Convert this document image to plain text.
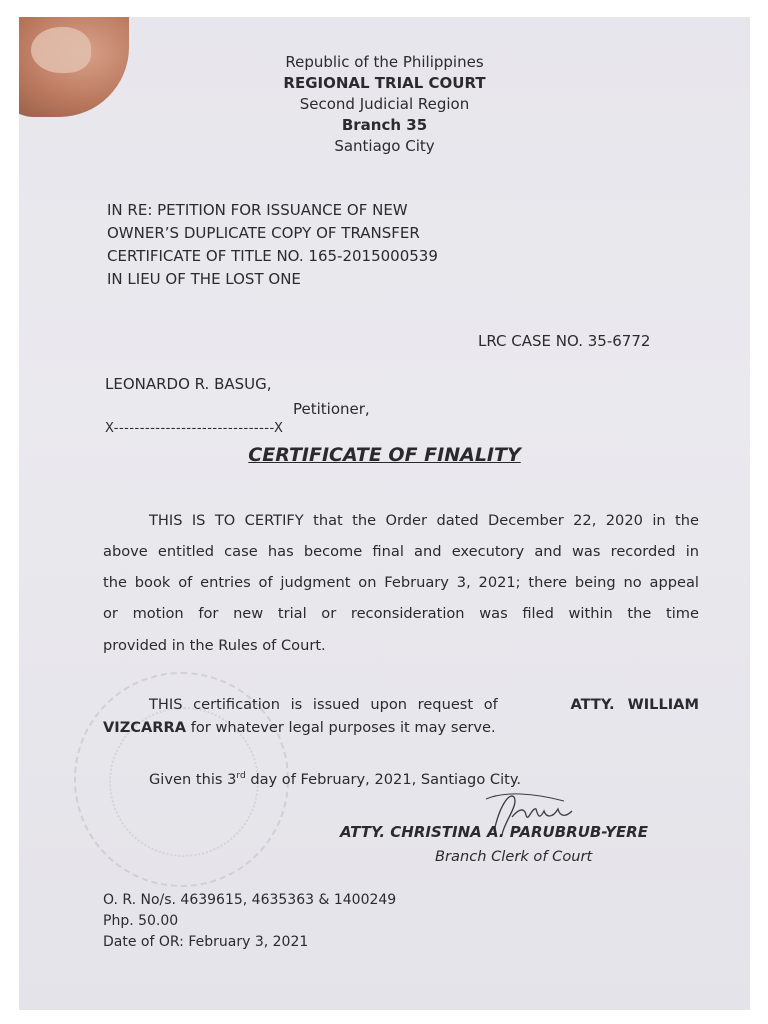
Republic of the Philippines
REGIONAL TRIAL COURT
Second Judicial Region
Branch 35
Santiago City
IN RE: PETITION FOR ISSUANCE OF NEW
OWNER’S DUPLICATE COPY OF TRANSFER
CERTIFICATE OF TITLE NO. 165-2015000539
IN LIEU OF THE LOST ONE
LRC CASE NO. 35-6772
LEONARDO R. BASUG,
Petitioner,
X-------------------------------X
CERTIFICATE OF FINALITY
THIS IS TO CERTIFY that the Order dated December 22, 2020 in the
above entitled case has become final and executory and was recorded in
the book of entries of judgment on February 3, 2021; there being no appeal
or motion for new trial or reconsideration was filed within the time
provided in the Rules of Court.
THIS certification is issued upon request of	ATTY. WILLIAM
VIZCARRA for whatever legal purposes it may serve.
Given this 3rd day of February, 2021, Santiago City.
ATTY. CHRISTINA A. PARUBRUB-YERE
Branch Clerk of Court
O. R. No/s. 4639615, 4635363 & 1400249
Php. 50.00
Date of OR: February 3, 2021
